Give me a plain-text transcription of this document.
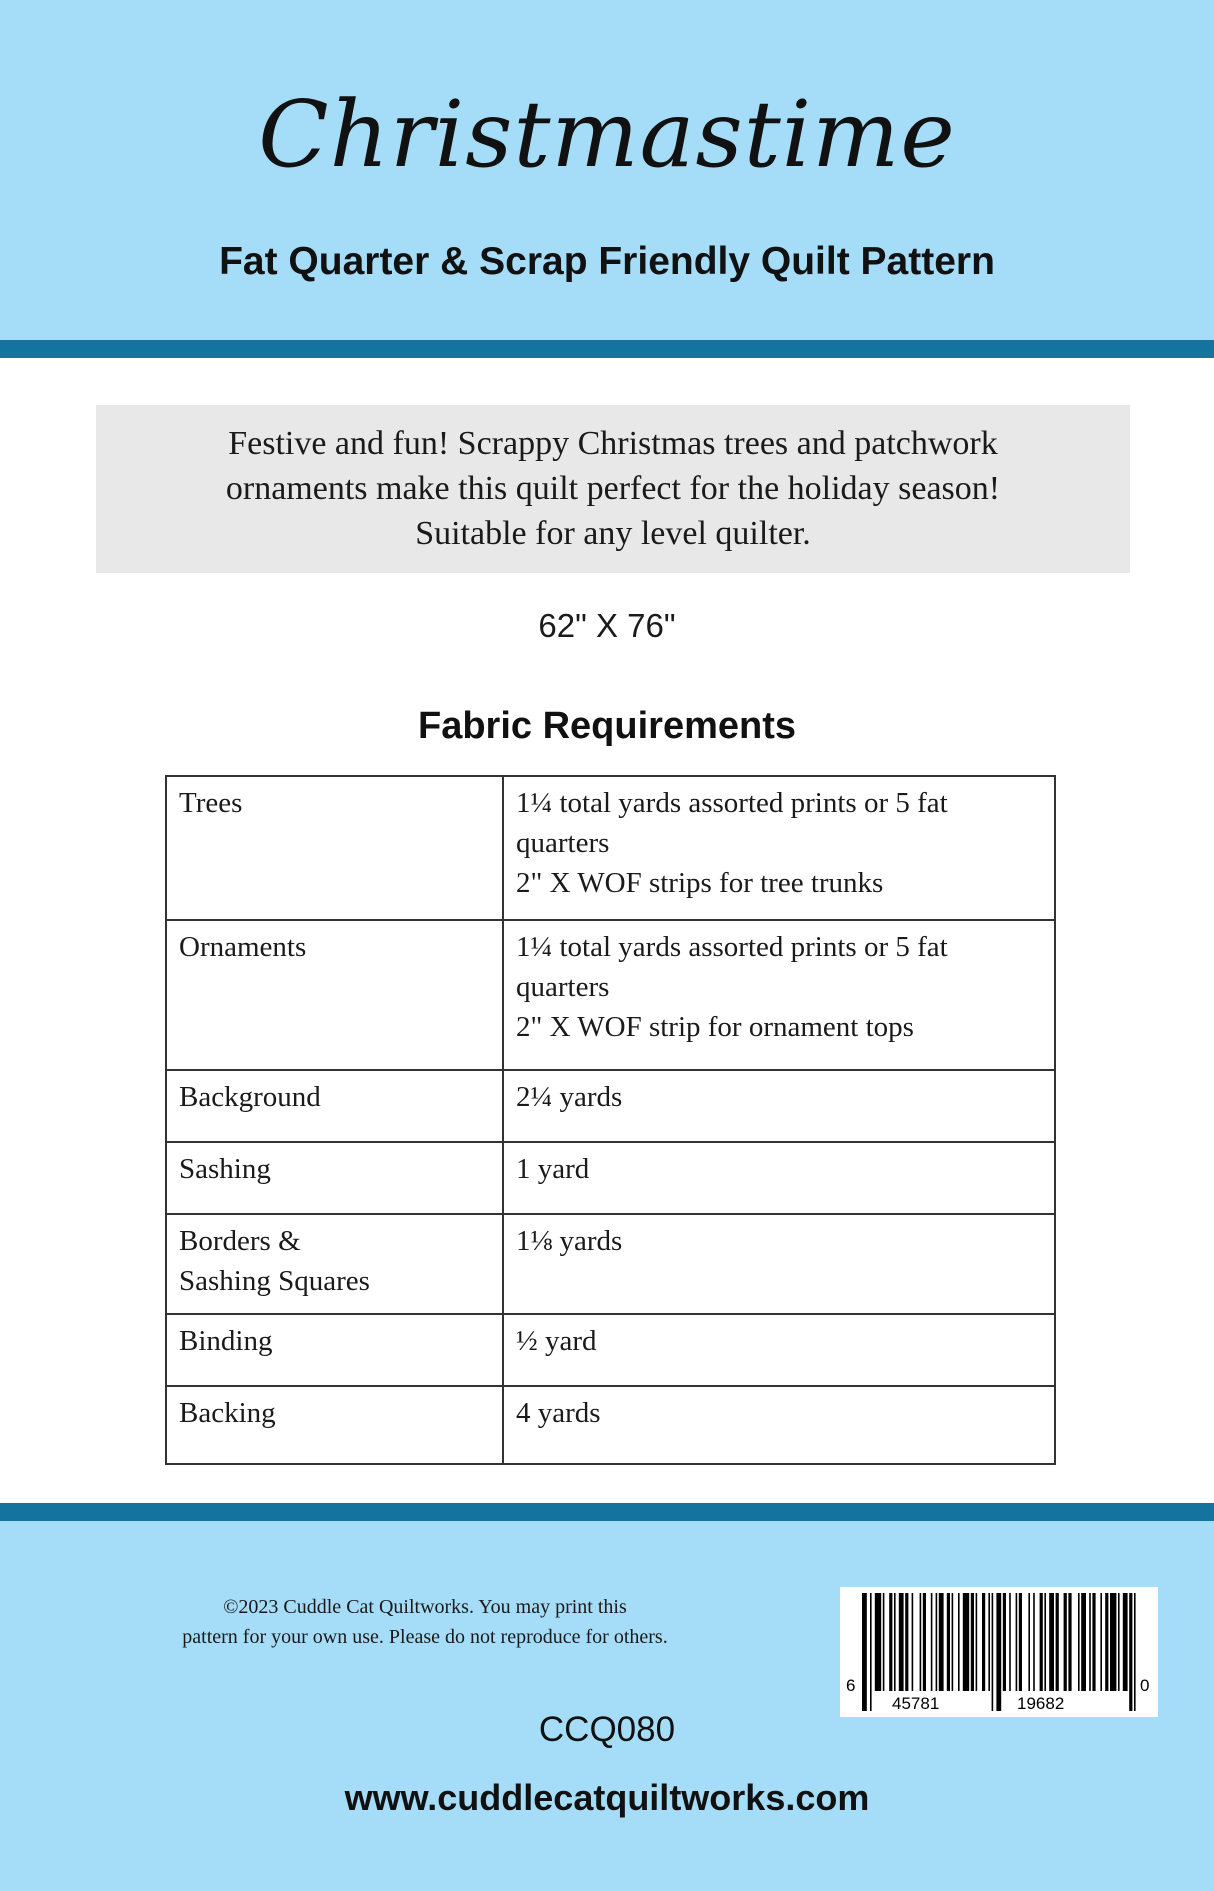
Christmastime
Fat Quarter & Scrap Friendly Quilt Pattern
Festive and fun! Scrappy Christmas trees and patchwork
ornaments make this quilt perfect for the holiday season!
Suitable for any level quilter.
62" X 76"
Fabric Requirements
Trees	1¼ total yards assorted prints or 5 fat
quarters
2" X WOF strips for tree trunks

Ornaments	1¼ total yards assorted prints or 5 fat
quarters
2" X WOF strip for ornament tops

Background	2¼ yards

Sashing	1 yard

Borders &
Sashing Squares	1⅛ yards

Binding	½ yard

Backing	4 yards
©2023 Cuddle Cat Quiltworks. You may print this
pattern for your own use. Please do not reproduce for others.
6
45781	19682
0
CCQ080
www.cuddlecatquiltworks.com
